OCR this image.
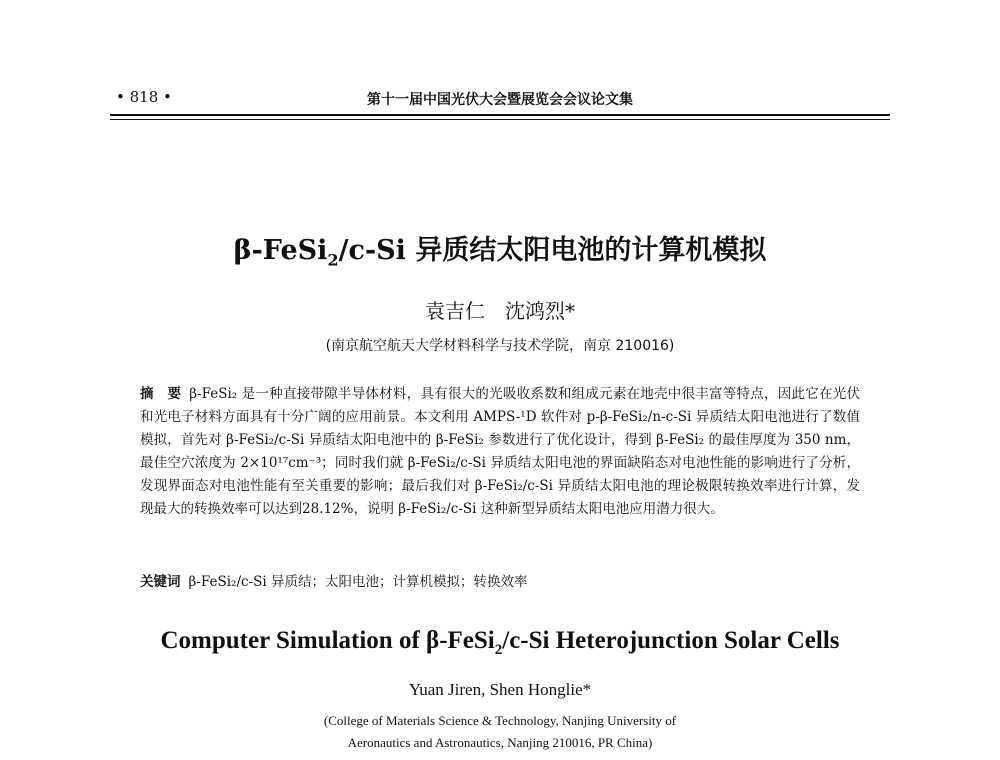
• 818 •	第十一届中国光伏大会暨展览会会议论文集
β-FeSi$_2$/c-Si 异质结太阳电池的计算机模拟
袁吉仁　沈鸿烈*
(南京航空航天大学材料科学与技术学院，南京 210016)
摘　要 β-FeSi₂ 是一种直接带隙半导体材料，具有很大的光吸收系数和组成元素在地壳中很丰富等特点，因此它在光伏和光电子材料方面具有十分广阔的应用前景。本文利用 AMPS-¹D 软件对 p-β-FeSi₂/n-c-Si 异质结太阳电池进行了数值模拟，首先对 β-FeSi₂/c-Si 异质结太阳电池中的 β-FeSi₂ 参数进行了优化设计，得到 β-FeSi₂ 的最佳厚度为 350 nm，最佳空穴浓度为 2×10¹⁷cm⁻³；同时我们就 β-FeSi₂/c-Si 异质结太阳电池的界面缺陷态对电池性能的影响进行了分析，发现界面态对电池性能有至关重要的影响；最后我们对 β-FeSi₂/c-Si 异质结太阳电池的理论极限转换效率进行计算，发现最大的转换效率可以达到28.12%，说明 β-FeSi₂/c-Si 这种新型异质结太阳电池应用潜力很大。
关键词 β-FeSi₂/c-Si 异质结；太阳电池；计算机模拟；转换效率
Computer Simulation of β-FeSi$_2$/c-Si Heterojunction Solar Cells
Yuan Jiren, Shen Honglie*
(College of Materials Science & Technology, Nanjing University of
Aeronautics and Astronautics, Nanjing 210016, PR China)
